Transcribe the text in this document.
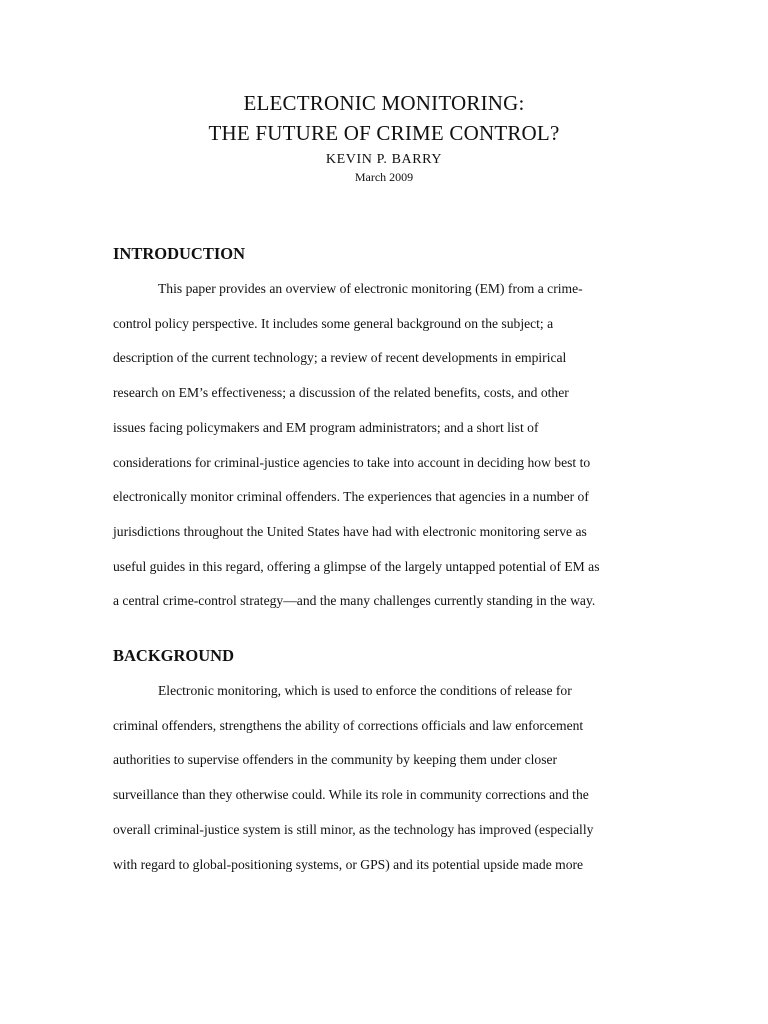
ELECTRONIC MONITORING:
THE FUTURE OF CRIME CONTROL?
KEVIN P. BARRY
March 2009
INTRODUCTION
This paper provides an overview of electronic monitoring (EM) from a crime-
control policy perspective. It includes some general background on the subject; a
description of the current technology; a review of recent developments in empirical
research on EM’s effectiveness; a discussion of the related benefits, costs, and other
issues facing policymakers and EM program administrators; and a short list of
considerations for criminal-justice agencies to take into account in deciding how best to
electronically monitor criminal offenders. The experiences that agencies in a number of
jurisdictions throughout the United States have had with electronic monitoring serve as
useful guides in this regard, offering a glimpse of the largely untapped potential of EM as
a central crime-control strategy—and the many challenges currently standing in the way.
BACKGROUND
Electronic monitoring, which is used to enforce the conditions of release for
criminal offenders, strengthens the ability of corrections officials and law enforcement
authorities to supervise offenders in the community by keeping them under closer
surveillance than they otherwise could. While its role in community corrections and the
overall criminal-justice system is still minor, as the technology has improved (especially
with regard to global-positioning systems, or GPS) and its potential upside made more
